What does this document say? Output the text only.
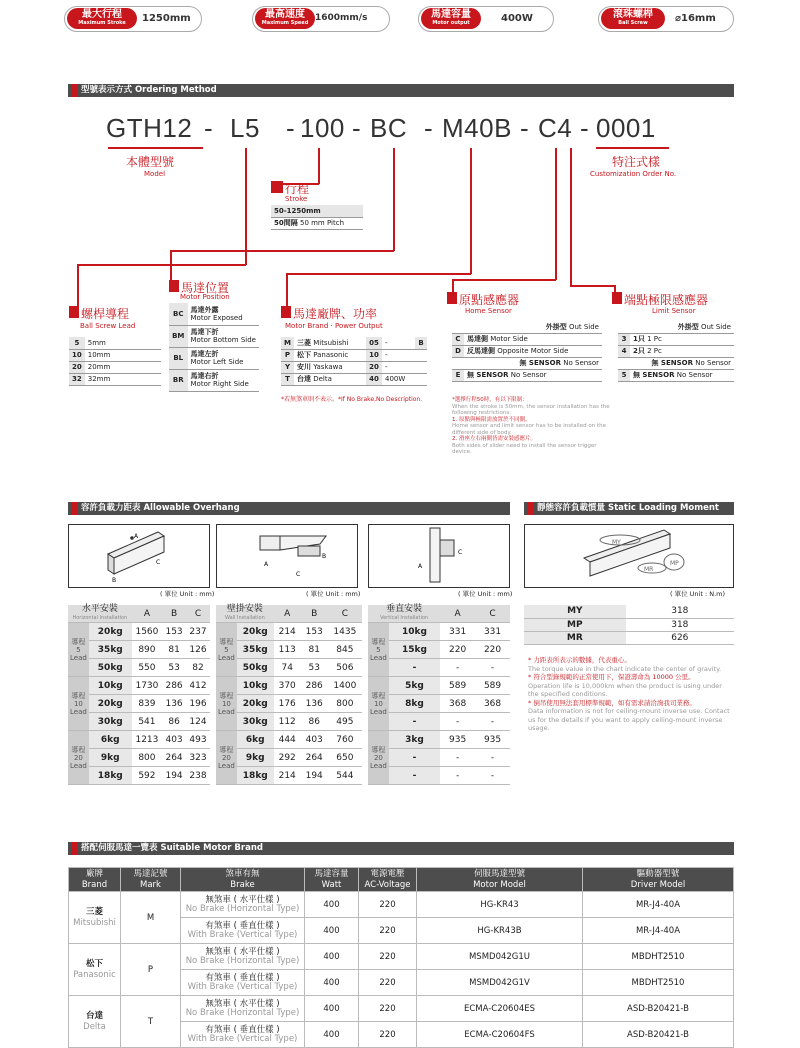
最大行程
Maximum Stroke	1250mm	最高速度
Maximum Speed 1600mm/s	馬達容量
Motor output	400W	滾珠螺桿
Ball Screw	⌀16mm
型號表示方式 Ordering Method
GTH12 - L5 - 100 - BC - M40B - C4 - 0001
本體型號
Model
特注式樣
Customization Order No.
行程
Stroke
50-1250mm
50間隔 50 mm Pitch
螺桿導程
Ball Screw Lead
5	5mm
10	10mm
20	20mm
32	32mm
馬達位置
Motor Position
BC	馬達外露
Motor Exposed
BM	馬達下折
Motor Bottom Side
BL	馬達左折
Motor Left Side
BR	馬達右折
Motor Right Side
馬達廠牌、功率
Motor Brand · Power Output
M	三菱 Mitsubishi	05	-	B
P	松下 Panasonic	10	-	
Y	安川 Yaskawa	20	-	
T	台達 Delta	40	400W	
*若無煞車則不表示。*If No Brake,No Description.
原點感應器
Home Sensor
外掛型 Out Side	
C	馬達側 Motor Side
D	反馬達側 Opposite Motor Side
無 SENSOR No Sensor	
E	無 SENSOR No Sensor
*選擇行程50時，有以下限制：
When the stroke is 50mm, the sensor installation has the following restrictions:
1. 原點與極限需放置於不同側。
Home sensor and limit sensor has to be installed on the different side of body.
2. 滑座左右兩側皆需安裝感應片。
Both sides of slider need to install the sensor trigger device.
端點極限感應器
Limit Sensor
外掛型 Out Side	
3	1只 1 Pc
4	2只 2 Pc
無 SENSOR No Sensor	
5	無 SENSOR No Sensor
容許負載力距表 Allowable Overhang	靜態容許負載慣量 Static Loading Moment
A
B
C	A
B
C
A
C
MY
MR
MP
( 單位 Unit : mm)	( 單位 Unit : mm)	( 單位 Unit : mm)	( 單位 Unit : N.m)
水平安裝
Horizontal Installation		A	B	C
導程
5
Lead	20kg	1560	153	237
	35kg	890	81	126
	50kg	550	53	82
導程
10
Lead	10kg	1730	286	412
	20kg	839	136	196
	30kg	541	86	124
導程
20
Lead	6kg	1213	403	493
	9kg	800	264	323
	18kg	592	194	238
壁掛安裝
Wall Installation		A	B	C
導程
5
Lead	20kg	214	153	1435
	35kg	113	81	845
	50kg	74	53	506
導程
10
Lead	10kg	370	286	1400
	20kg	176	136	800
	30kg	112	86	495
導程
20
Lead	6kg	444	403	760
	9kg	292	264	650
	18kg	214	194	544
垂直安裝
Vertical Installation		A	C
導程
5
Lead	10kg	331	331
	15kg	220	220
	-	-	-
導程
10
Lead	5kg	589	589
	8kg	368	368
	-	-	-
導程
20
Lead	3kg	935	935
	-	-	-
	-	-	-
MY	318
MP	318
MR	626
* 力距表所表示的數據，代表重心。
The torque value in the chart indicate the center of gravity.
* 符合型錄規範的正常使用下，保證壽命為 10000 公里。
Operation life is 10,000km when the product is using under the specified conditions.
* 倒吊使用無法套用標準規範，如有需求請洽詢我司業務。
Data information is not for ceiling-mount inverse use. Contact us for the details if you want to apply ceiling-mount inverse usage.
搭配伺服馬達一覽表 Suitable Motor Brand
廠牌
Brand	馬達記號
Mark	煞車有無
Brake	馬達容量
Watt	電源電壓
AC-Voltage	伺服馬達型號
Motor Model	驅動器型號
Driver Model
三菱
Mitsubishi	M	無煞車 ( 水平仕樣 )
No Brake (Horizontal Type)	400	220	HG-KR43	MR-J4-40A
		有煞車 ( 垂直仕樣 )
With Brake (Vertical Type)	400	220	HG-KR43B	MR-J4-40A
松下
Panasonic	P	無煞車 ( 水平仕樣 )
No Brake (Horizontal Type)	400	220	MSMD042G1U	MBDHT2510
		有煞車 ( 垂直仕樣 )
With Brake (Vertical Type)	400	220	MSMD042G1V	MBDHT2510
台達
Delta	T	無煞車 ( 水平仕樣 )
No Brake (Horizontal Type)	400	220	ECMA-C20604ES	ASD-B20421-B
		有煞車 ( 垂直仕樣 )
With Brake (Vertical Type)	400	220	ECMA-C20604FS	ASD-B20421-B
